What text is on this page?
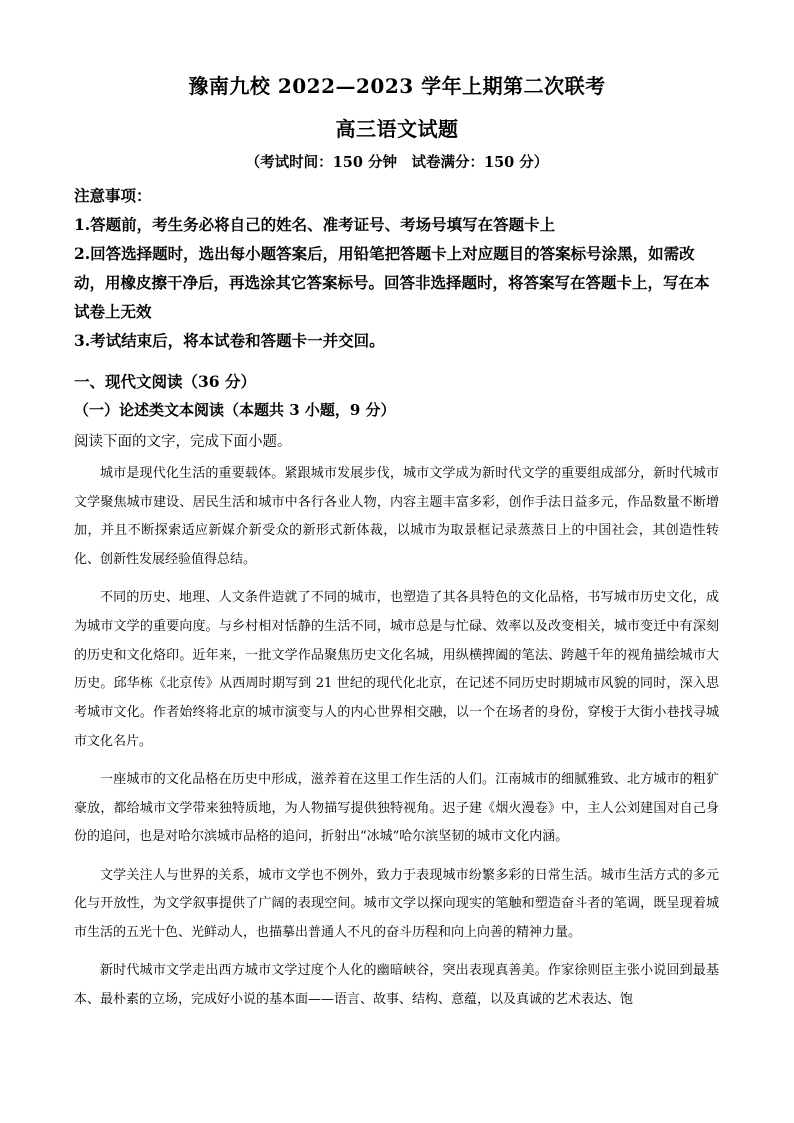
豫南九校 2022—2023 学年上期第二次联考
高三语文试题
（考试时间：150 分钟　试卷满分：150 分）
注意事项：
1.答题前，考生务必将自己的姓名、准考证号、考场号填写在答题卡上
2.回答选择题时，选出每小题答案后，用铅笔把答题卡上对应题目的答案标号涂黑，如需改动，用橡皮擦干净后，再选涂其它答案标号。回答非选择题时，将答案写在答题卡上，写在本试卷上无效
3.考试结束后，将本试卷和答题卡一并交回。
一、现代文阅读（36 分）
（一）论述类文本阅读（本题共 3 小题，9 分）
阅读下面的文字，完成下面小题。

城市是现代化生活的重要载体。紧跟城市发展步伐，城市文学成为新时代文学的重要组成部分，新时代城市文学聚焦城市建设、居民生活和城市中各行各业人物，内容主题丰富多彩，创作手法日益多元，作品数量不断增加，并且不断探索适应新媒介新受众的新形式新体裁，以城市为取景框记录蒸蒸日上的中国社会，其创造性转化、创新性发展经验值得总结。

不同的历史、地理、人文条件造就了不同的城市，也塑造了其各具特色的文化品格，书写城市历史文化，成为城市文学的重要向度。与乡村相对恬静的生活不同，城市总是与忙碌、效率以及改变相关，城市变迁中有深刻的历史和文化烙印。近年来，一批文学作品聚焦历史文化名城，用纵横捭阖的笔法、跨越千年的视角描绘城市大历史。邱华栋《北京传》从西周时期写到 21 世纪的现代化北京，在记述不同历史时期城市风貌的同时，深入思考城市文化。作者始终将北京的城市演变与人的内心世界相交融，以一个在场者的身份，穿梭于大街小巷找寻城市文化名片。

一座城市的文化品格在历史中形成，滋养着在这里工作生活的人们。江南城市的细腻雅致、北方城市的粗犷豪放，都给城市文学带来独特质地，为人物描写提供独特视角。迟子建《烟火漫卷》中，主人公刘建国对自己身份的追问，也是对哈尔滨城市品格的追问，折射出“冰城”哈尔滨坚韧的城市文化内涵。

文学关注人与世界的关系，城市文学也不例外，致力于表现城市纷繁多彩的日常生活。城市生活方式的多元化与开放性，为文学叙事提供了广阔的表现空间。城市文学以探向现实的笔触和塑造奋斗者的笔调，既呈现着城市生活的五光十色、光鲜动人，也描摹出普通人不凡的奋斗历程和向上向善的精神力量。

新时代城市文学走出西方城市文学过度个人化的幽暗峡谷，突出表现真善美。作家徐则臣主张小说回到最基本、最朴素的立场，完成好小说的基本面——语言、故事、结构、意蕴，以及真诚的艺术表达、饱
